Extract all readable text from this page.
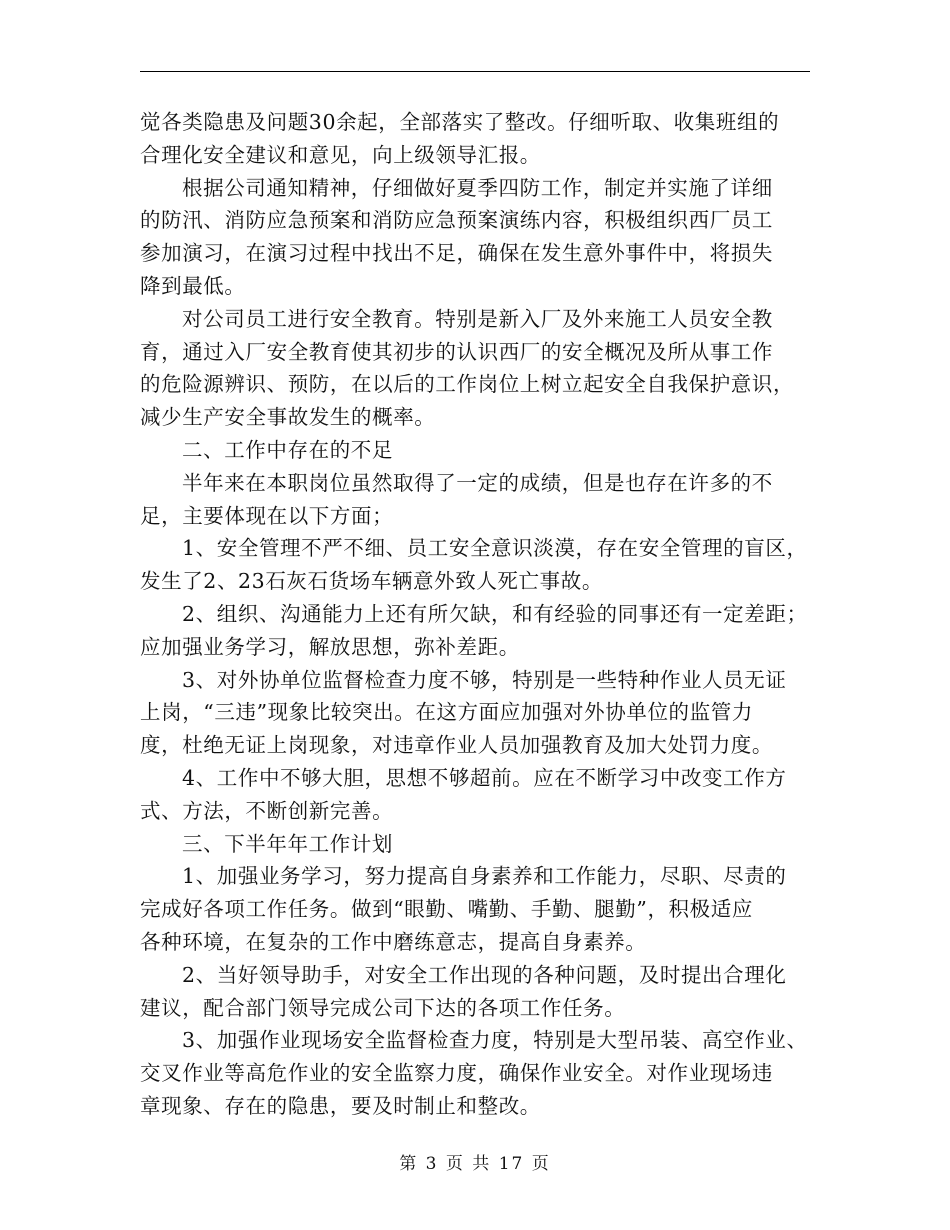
觉各类隐患及问题30余起，全部落实了整改。仔细听取、收集班组的
合理化安全建议和意见，向上级领导汇报。
根据公司通知精神，仔细做好夏季四防工作，制定并实施了详细
的防汛、消防应急预案和消防应急预案演练内容，积极组织西厂员工
参加演习，在演习过程中找出不足，确保在发生意外事件中，将损失
降到最低。
对公司员工进行安全教育。特别是新入厂及外来施工人员安全教
育，通过入厂安全教育使其初步的认识西厂的安全概况及所从事工作
的危险源辨识、预防，在以后的工作岗位上树立起安全自我保护意识，
减少生产安全事故发生的概率。
二、工作中存在的不足
半年来在本职岗位虽然取得了一定的成绩，但是也存在许多的不
足，主要体现在以下方面；
1、安全管理不严不细、员工安全意识淡漠，存在安全管理的盲区，
发生了2、23石灰石货场车辆意外致人死亡事故。
2、组织、沟通能力上还有所欠缺，和有经验的同事还有一定差距；
应加强业务学习，解放思想，弥补差距。
3、对外协单位监督检查力度不够，特别是一些特种作业人员无证
上岗，“三违”现象比较突出。在这方面应加强对外协单位的监管力
度，杜绝无证上岗现象，对违章作业人员加强教育及加大处罚力度。
4、工作中不够大胆，思想不够超前。应在不断学习中改变工作方
式、方法，不断创新完善。
三、下半年年工作计划
1、加强业务学习，努力提高自身素养和工作能力，尽职、尽责的
完成好各项工作任务。做到“眼勤、嘴勤、手勤、腿勤”，积极适应
各种环境，在复杂的工作中磨练意志，提高自身素养。
2、当好领导助手，对安全工作出现的各种问题，及时提出合理化
建议，配合部门领导完成公司下达的各项工作任务。
3、加强作业现场安全监督检查力度，特别是大型吊装、高空作业、
交叉作业等高危作业的安全监察力度，确保作业安全。对作业现场违
章现象、存在的隐患，要及时制止和整改。
第 3 页 共 17 页
